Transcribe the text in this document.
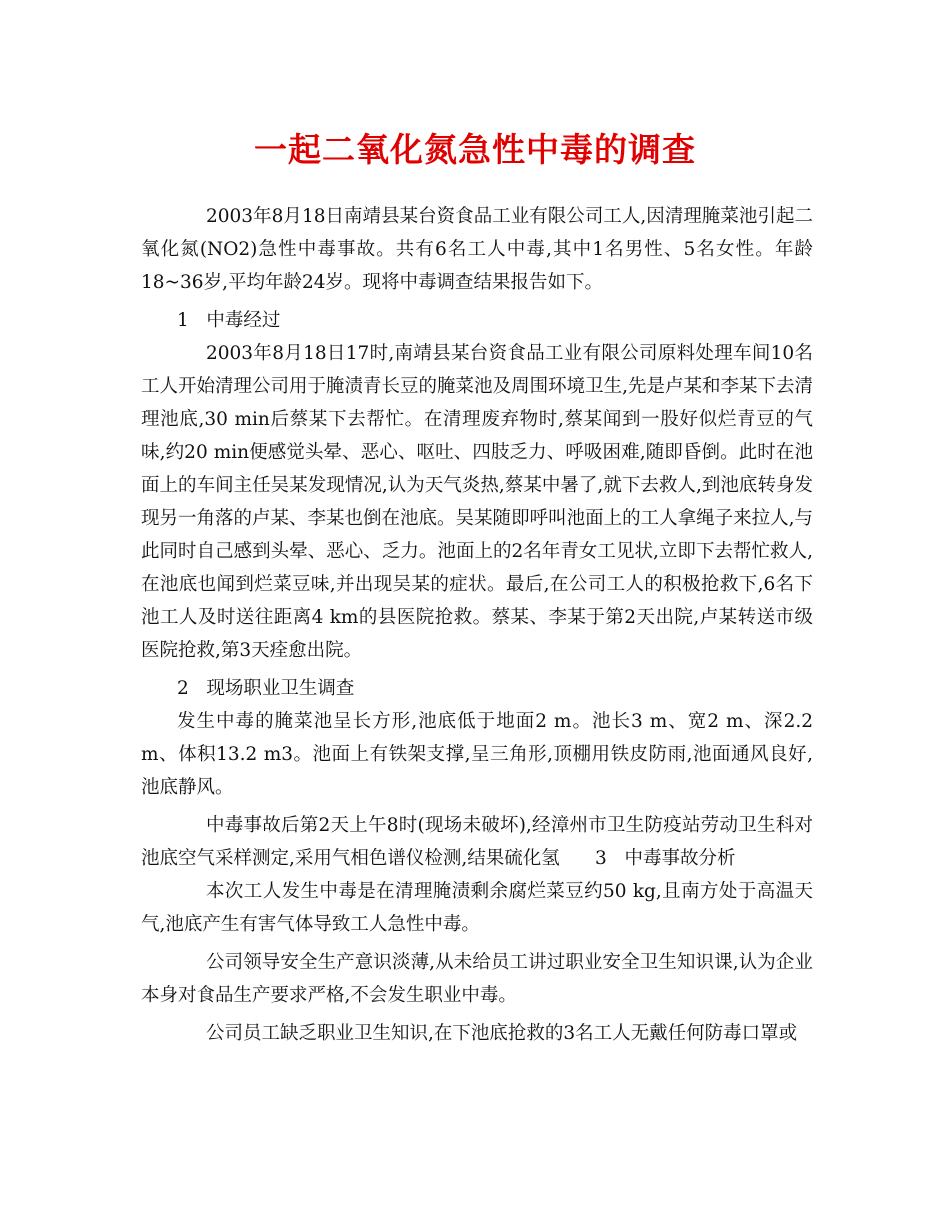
一起二氧化氮急性中毒的调查

2003年8月18日南靖县某台资食品工业有限公司工人,因清理腌菜池引起二氧化氮(NO2)急性中毒事故。共有6名工人中毒,其中1名男性、5名女性。年龄18~36岁,平均年龄24岁。现将中毒调查结果报告如下。

1   中毒经过

2003年8月18日17时,南靖县某台资食品工业有限公司原料处理车间10名工人开始清理公司用于腌渍青长豆的腌菜池及周围环境卫生,先是卢某和李某下去清理池底,30 min后蔡某下去帮忙。在清理废弃物时,蔡某闻到一股好似烂青豆的气味,约20 min便感觉头晕、恶心、呕吐、四肢乏力、呼吸困难,随即昏倒。此时在池面上的车间主任吴某发现情况,认为天气炎热,蔡某中暑了,就下去救人,到池底转身发现另一角落的卢某、李某也倒在池底。吴某随即呼叫池面上的工人拿绳子来拉人,与此同时自己感到头晕、恶心、乏力。池面上的2名年青女工见状,立即下去帮忙救人,在池底也闻到烂菜豆味,并出现吴某的症状。最后,在公司工人的积极抢救下,6名下池工人及时送往距离4 km的县医院抢救。蔡某、李某于第2天出院,卢某转送市级医院抢救,第3天痊愈出院。

2   现场职业卫生调查

发生中毒的腌菜池呈长方形,池底低于地面2 m。池长3 m、宽2 m、深2.2 m、体积13.2 m3。池面上有铁架支撑,呈三角形,顶棚用铁皮防雨,池面通风良好,池底静风。

中毒事故后第2天上午8时(现场未破坏),经漳州市卫生防疫站劳动卫生科对池底空气采样测定,采用气相色谱仪检测,结果硫化氢      3   中毒事故分析

本次工人发生中毒是在清理腌渍剩余腐烂菜豆约50 kg,且南方处于高温天气,池底产生有害气体导致工人急性中毒。

公司领导安全生产意识淡薄,从未给员工讲过职业安全卫生知识课,认为企业本身对食品生产要求严格,不会发生职业中毒。

公司员工缺乏职业卫生知识,在下池底抢救的3名工人无戴任何防毒口罩或
